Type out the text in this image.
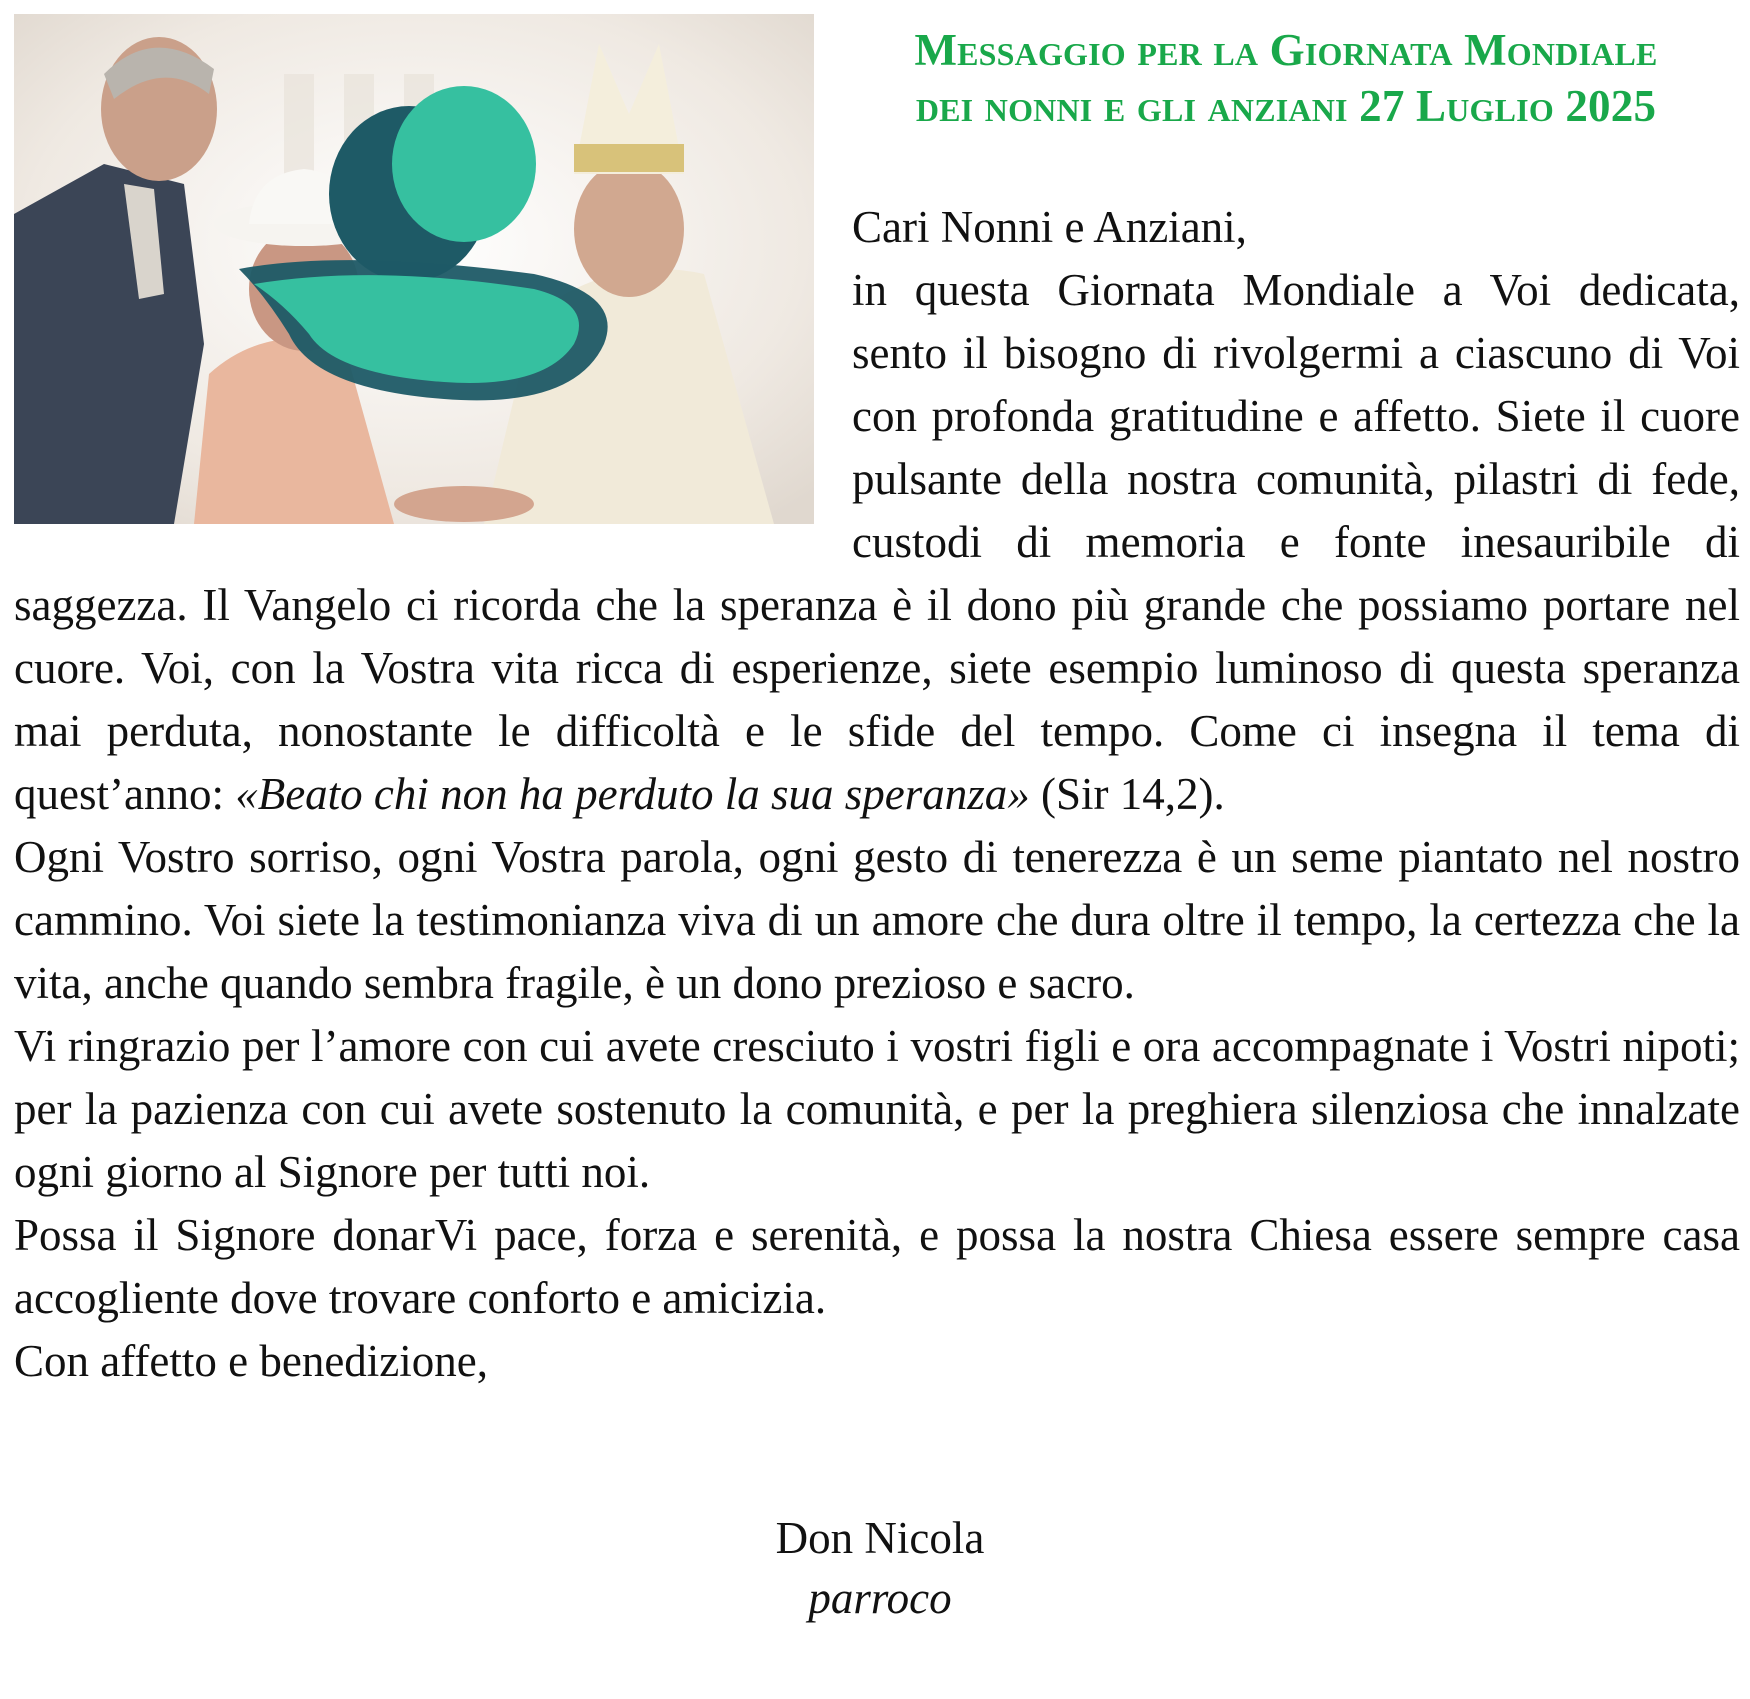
Messaggio per la Giornata Mondiale
dei nonni e gli anziani 27 Luglio 2025
Cari Nonni e Anziani,

in questa Giornata Mondiale a Voi dedicata, sento il bisogno di rivolgermi a ciascuno di Voi con profonda gratitudine e affetto. Siete il cuore pulsante della nostra comunità, pilastri di fede, custodi di memoria e fonte inesauribile di saggezza. Il Vangelo ci ricorda che la speranza è il dono più grande che possiamo portare nel cuore. Voi, con la Vostra vita ricca di esperienze, siete esempio luminoso di questa speranza mai perduta, nonostante le difficoltà e le sfide del tempo. Come ci insegna il tema di quest’anno: «Beato chi non ha perduto la sua speranza» (Sir 14,2).

Ogni Vostro sorriso, ogni Vostra parola, ogni gesto di tenerezza è un seme piantato nel nostro cammino. Voi siete la testimonianza viva di un amore che dura oltre il tempo, la certezza che la vita, anche quando sembra fragile, è un dono prezioso e sacro.

Vi ringrazio per l’amore con cui avete cresciuto i vostri figli e ora accompagnate i Vostri nipoti; per la pazienza con cui avete sostenuto la comunità, e per la preghiera silenziosa che innalzate ogni giorno al Signore per tutti noi.

Possa il Signore donarVi pace, forza e serenità, e possa la nostra Chiesa essere sempre casa accogliente dove trovare conforto e amicizia.

Con affetto e benedizione,

Don Nicola
parroco
